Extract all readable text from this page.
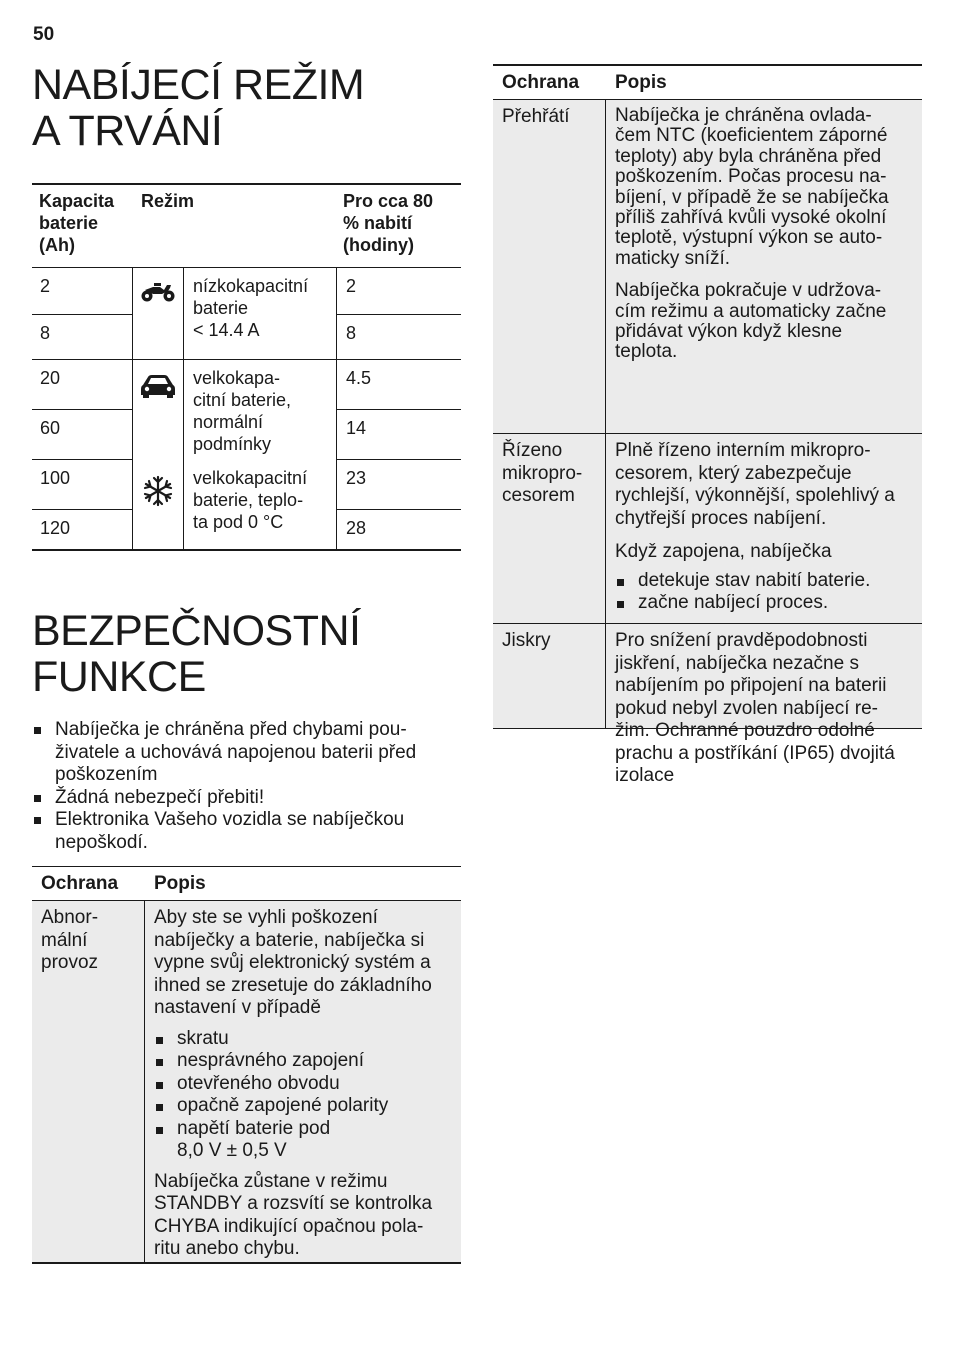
50
NABÍJECÍ REŽIM
A TRVÁNÍ
Kapacita
baterie
(Ah)
Režim	Pro cca 80
% nabití
(hodiny)
2
8
20
60
100
120
2
8
4.5
14
23
28
nízkokapacitní
baterie
< 14.4 A
velkokapa-
citní baterie,
normální
podmínky
velkokapacitní
baterie, teplo-
ta pod 0 °C
BEZPEČNOSTNÍ
FUNKCE
Nabíječka je chráněna před chybami pou-
živatele a uchovává napojenou baterii před
poškozením
Žádná nebezpečí přebiti!
Elektronika Vašeho vozidla se nabíječkou
nepoškodí.
Ochrana Popis
Abnor-
mální
provoz

Aby ste se vyhli poškození
nabíječky a baterie, nabíječka si
vypne svůj elektronický systém a
ihned se zresetuje do základního
nastavení v případě

skratu
nesprávného zapojení
otevřeného obvodu
opačně zapojené polarity
napětí baterie pod
8,0 V ± 0,5 V

Nabíječka zůstane v režimu
STANDBY a rozsvítí se kontrolka
CHYBA indikující opačnou pola-
ritu anebo chybu.

Ochrana Popis
Přehřátí Nabíječka je chráněna ovlada-
čem NTC (koeficientem záporné
teploty) aby byla chráněna před
poškozením. Počas procesu na-
bíjení, v případě že se nabíječka
příliš zahřívá kvůli vysoké okolní
teplotě, výstupní výkon se auto-
maticky sníží.

Nabíječka pokračuje v udržova-
cím režimu a automaticky začne
přidávat výkon když klesne
teplota.

Řízeno
mikropro-
cesorem

Plně řízeno interním mikropro-
cesorem, který zabezpečuje
rychlejší, výkonnější, spolehlivý a
chytřejší proces nabíjení.

Když zapojena, nabíječka

detekuje stav nabití baterie.
začne nabíjecí proces.
Jiskry	Pro snížení pravděpodobnosti
jiskření, nabíječka nezačne s
nabíjením po připojení na baterii
pokud nebyl zvolen nabíjecí re-
žim. Ochranné pouzdro odolné
prachu a postříkání (IP65) dvojitá
izolace
